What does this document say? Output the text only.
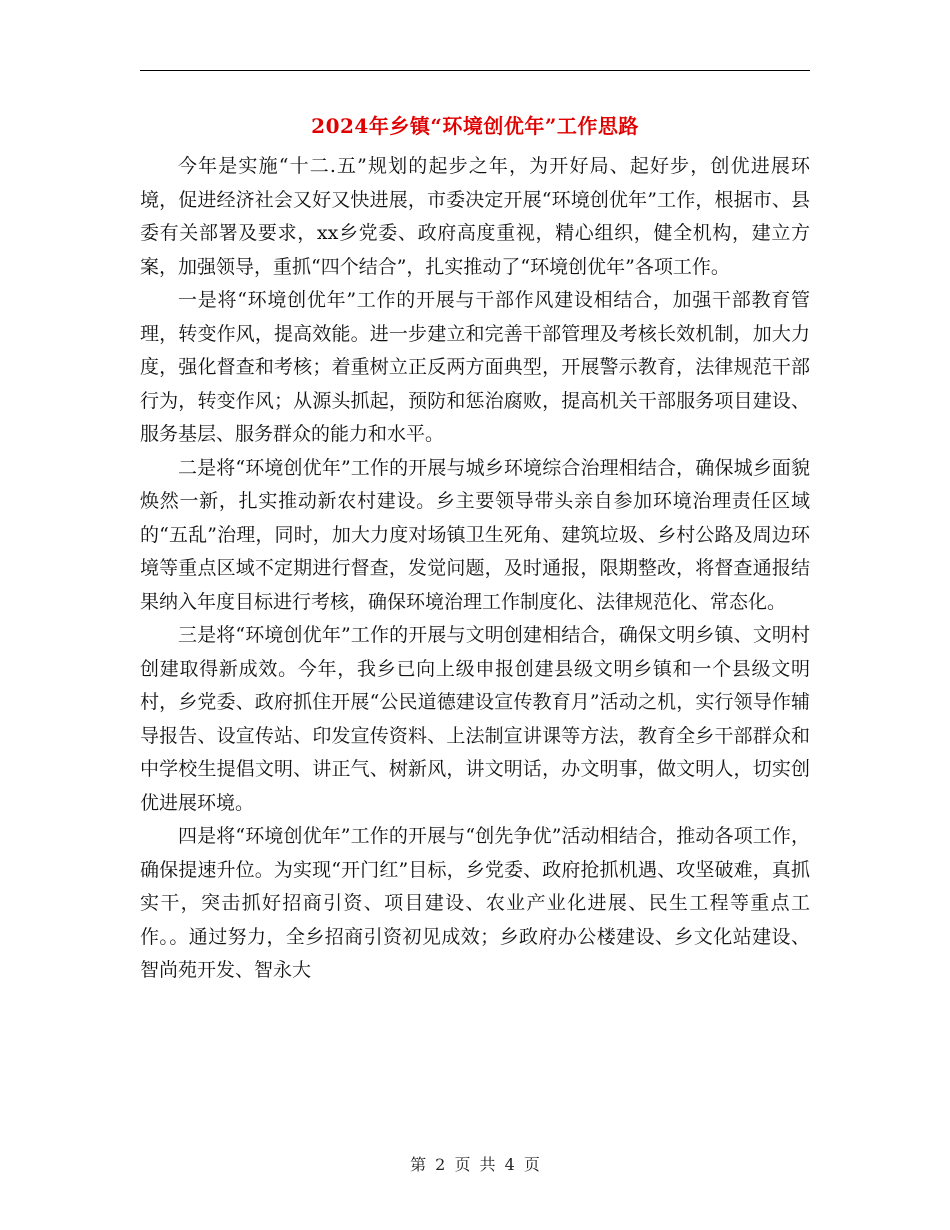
2024年乡镇“环境创优年”工作思路

今年是实施“十二.五”规划的起步之年，为开好局、起好步，创优进展环境，促进经济社会又好又快进展，市委决定开展“环境创优年”工作，根据市、县委有关部署及要求，xx乡党委、政府高度重视，精心组织，健全机构，建立方案，加强领导，重抓“四个结合”，扎实推动了“环境创优年”各项工作。

一是将“环境创优年”工作的开展与干部作风建设相结合，加强干部教育管理，转变作风，提高效能。进一步建立和完善干部管理及考核长效机制，加大力度，强化督查和考核；着重树立正反两方面典型，开展警示教育，法律规范干部行为，转变作风；从源头抓起，预防和惩治腐败，提高机关干部服务项目建设、服务基层、服务群众的能力和水平。

二是将“环境创优年”工作的开展与城乡环境综合治理相结合，确保城乡面貌焕然一新，扎实推动新农村建设。乡主要领导带头亲自参加环境治理责任区域的“五乱”治理，同时，加大力度对场镇卫生死角、建筑垃圾、乡村公路及周边环境等重点区域不定期进行督查，发觉问题，及时通报，限期整改，将督查通报结果纳入年度目标进行考核，确保环境治理工作制度化、法律规范化、常态化。

三是将“环境创优年”工作的开展与文明创建相结合，确保文明乡镇、文明村创建取得新成效。今年，我乡已向上级申报创建县级文明乡镇和一个县级文明村，乡党委、政府抓住开展“公民道德建设宣传教育月”活动之机，实行领导作辅导报告、设宣传站、印发宣传资料、上法制宣讲课等方法，教育全乡干部群众和中学校生提倡文明、讲正气、树新风，讲文明话，办文明事，做文明人，切实创优进展环境。

四是将“环境创优年”工作的开展与“创先争优”活动相结合，推动各项工作，确保提速升位。为实现“开门红”目标，乡党委、政府抢抓机遇、攻坚破难，真抓实干，突击抓好招商引资、项目建设、农业产业化进展、民生工程等重点工作。。通过努力，全乡招商引资初见成效；乡政府办公楼建设、乡文化站建设、智尚苑开发、智永大

第 2 页 共 4 页
